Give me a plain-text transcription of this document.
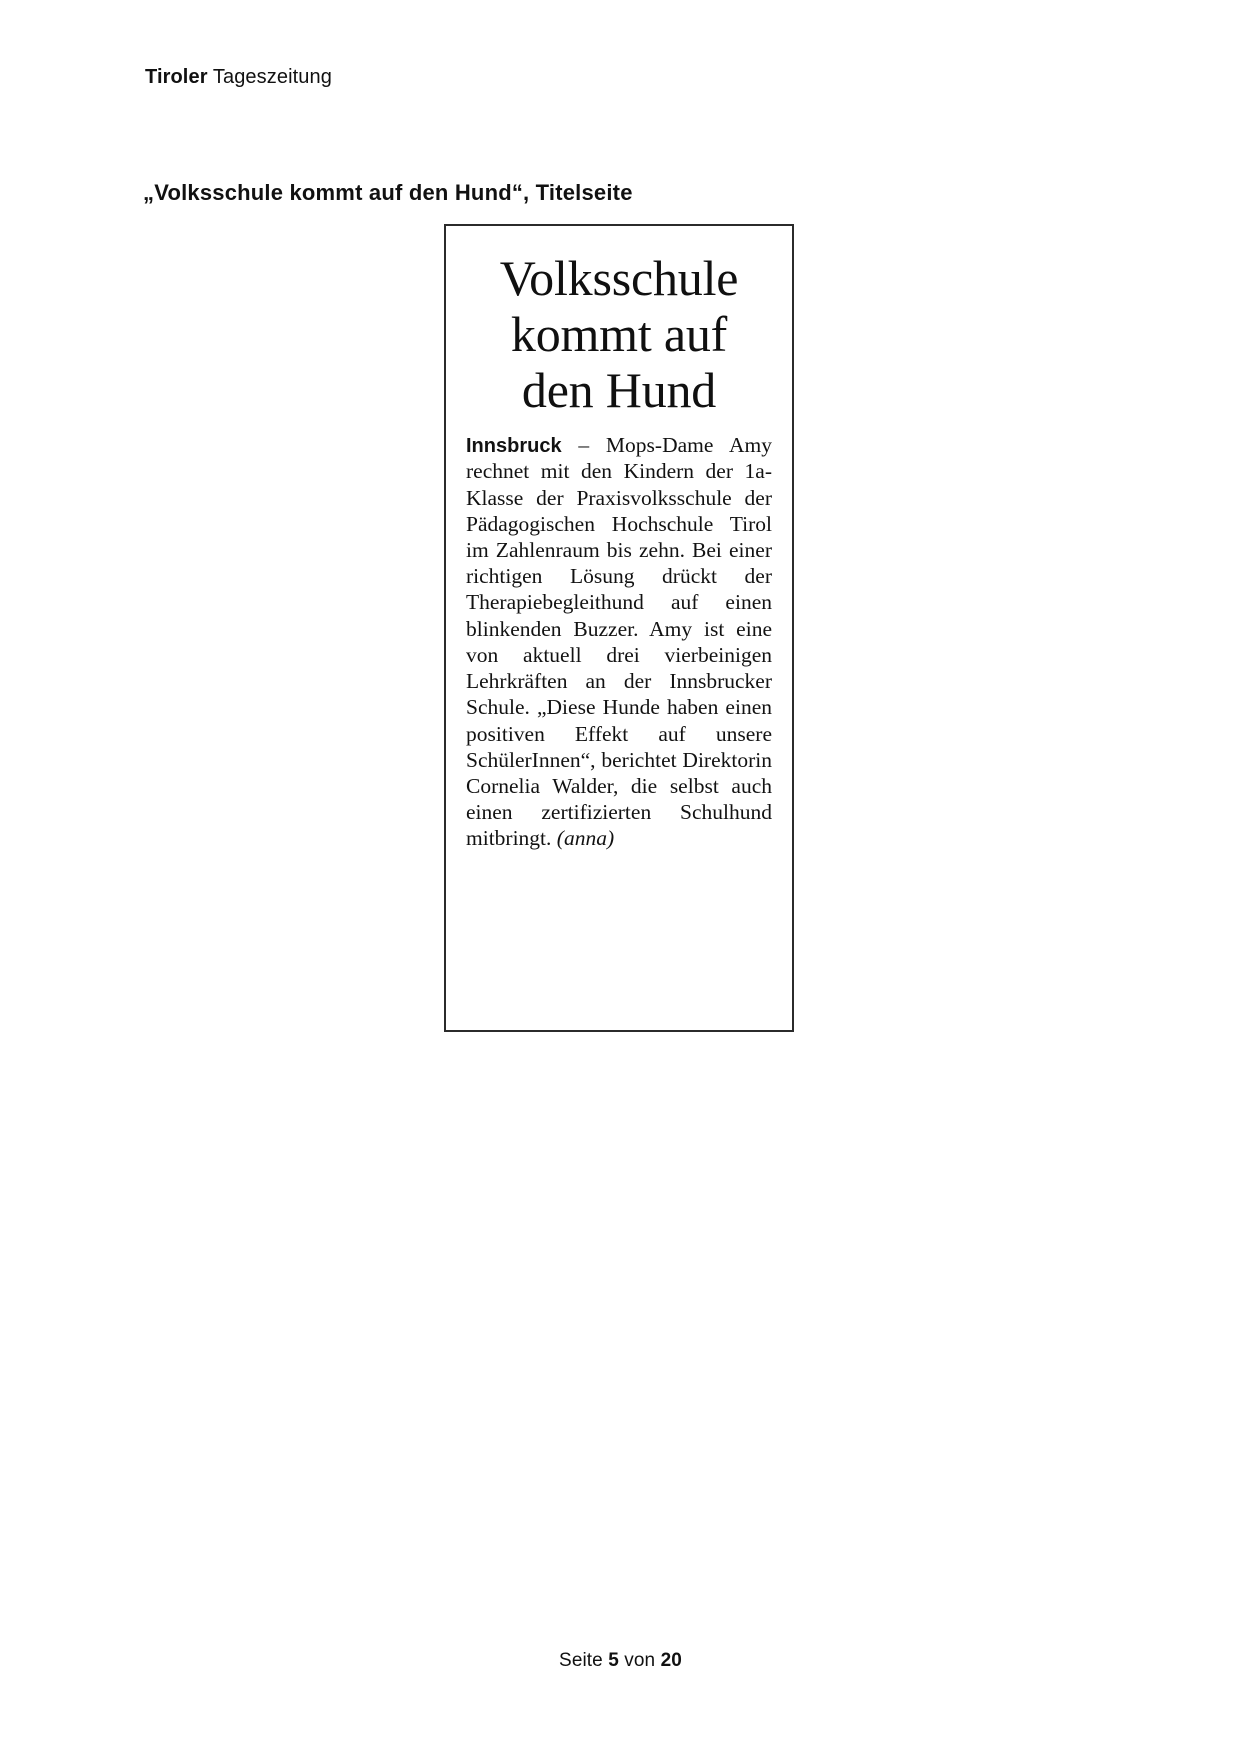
Tiroler Tageszeitung
„Volksschule kommt auf den Hund“, Titelseite
Volksschule
kommt auf
den Hund

Innsbruck – Mops-Dame Amy rechnet mit den Kindern der 1a-Klasse der Praxisvolksschule der Pädagogischen Hochschule Tirol im Zahlenraum bis zehn. Bei einer richtigen Lösung drückt der Therapiebegleithund auf einen blinkenden Buzzer. Amy ist eine von aktuell drei vierbeinigen Lehrkräften an der Innsbrucker Schule. „Diese Hunde haben einen positiven Effekt auf unsere SchülerInnen“, berichtet Direktorin Cornelia Walder, die selbst auch einen zertifizierten Schulhund mitbringt. (anna)

Seite 5 von 20
